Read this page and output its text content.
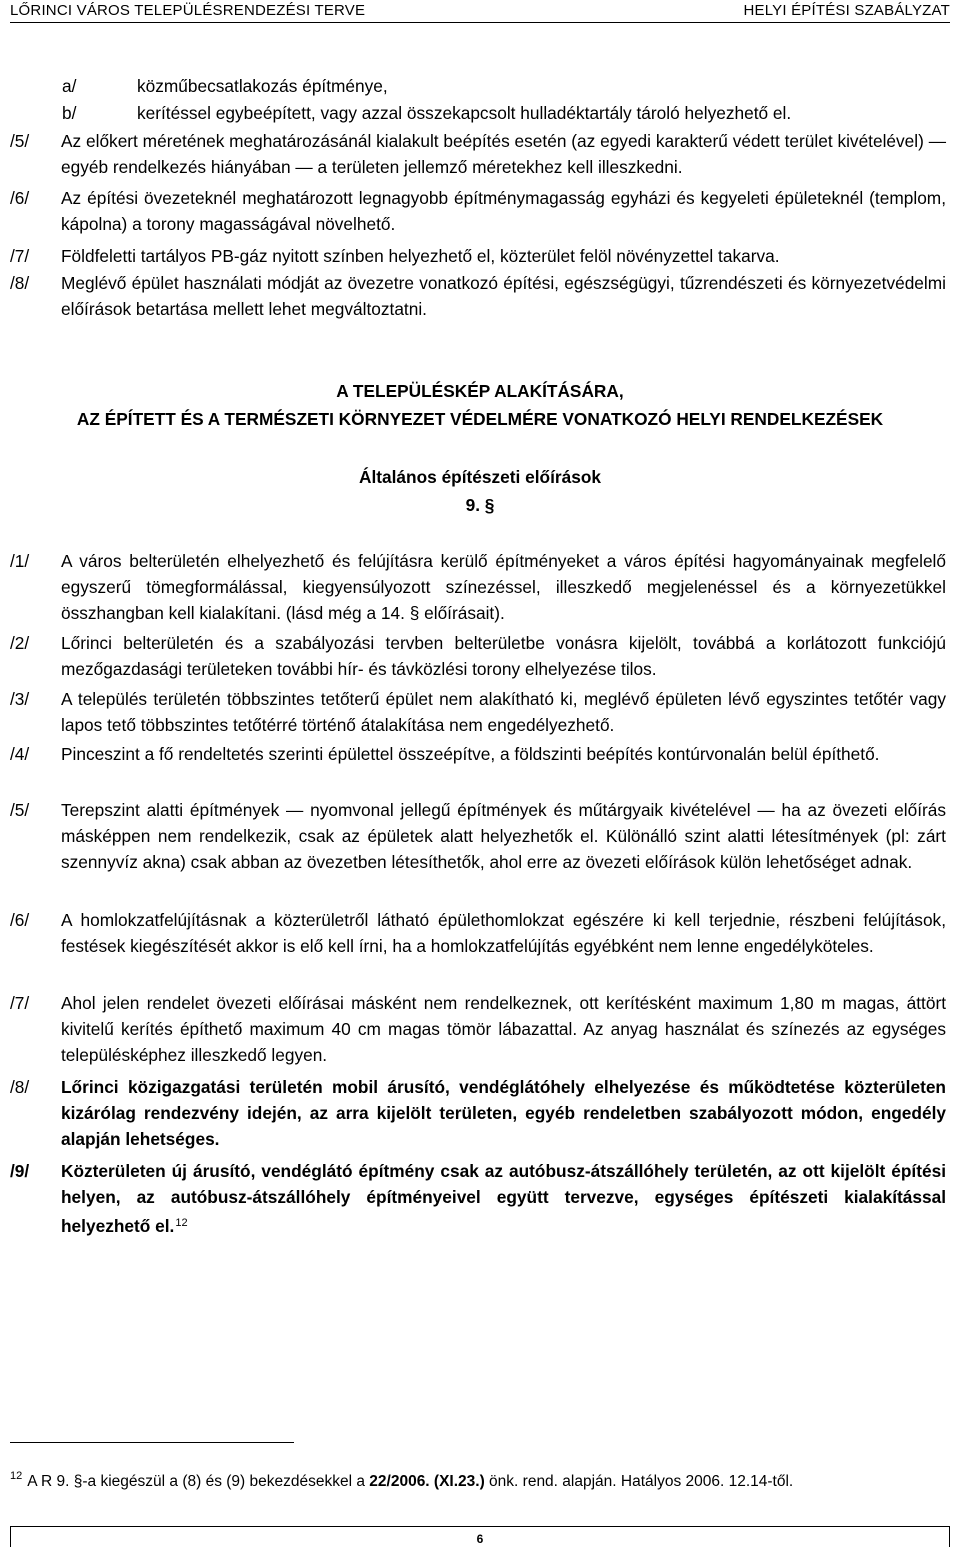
LŐRINCI VÁROS TELEPÜLÉSRENDEZÉSI TERVE	HELYI ÉPÍTÉSI SZABÁLYZAT
a/	közműbecsatlakozás építménye,
b/	kerítéssel egybeépített, vagy azzal összekapcsolt hulladéktartály tároló helyezhető el.
/5/ Az előkert méretének meghatározásánál kialakult beépítés esetén (az egyedi karakterű védett terület kivételével) — egyéb rendelkezés hiányában — a területen jellemző méretekhez kell illeszkedni.
/6/ Az építési övezeteknél meghatározott legnagyobb építménymagasság egyházi és kegyeleti épületeknél (templom, kápolna) a torony magasságával növelhető.
/7/ Földfeletti tartályos PB-gáz nyitott színben helyezhető el, közterület felöl növényzettel takarva.
/8/ Meglévő épület használati módját az övezetre vonatkozó építési, egészségügyi, tűzrendészeti és környezetvédelmi előírások betartása mellett lehet megváltoztatni.
A TELEPÜLÉSKÉP ALAKÍTÁSÁRA,
AZ ÉPÍTETT ÉS A TERMÉSZETI KÖRNYEZET VÉDELMÉRE VONATKOZÓ HELYI RENDELKEZÉSEK
Általános építészeti előírások
9. §
/1/ A város belterületén elhelyezhető és felújításra kerülő építményeket a város építési hagyományainak megfelelő egyszerű tömegformálással, kiegyensúlyozott színezéssel, illeszkedő megjelenéssel és a környezetükkel összhangban kell kialakítani. (lásd még a 14. § előírásait).
/2/ Lőrinci belterületén és a szabályozási tervben belterületbe vonásra kijelölt, továbbá a korlátozott funkciójú mezőgazdasági területeken további hír- és távközlési torony elhelyezése tilos.
/3/ A település területén többszintes tetőterű épület nem alakítható ki, meglévő épületen lévő egyszintes tetőtér vagy lapos tető többszintes tetőtérré történő átalakítása nem engedélyezhető.
/4/ Pinceszint a fő rendeltetés szerinti épülettel összeépítve, a földszinti beépítés kontúrvonalán belül építhető.
/5/ Terepszint alatti építmények — nyomvonal jellegű építmények és műtárgyaik kivételével — ha az övezeti előírás másképpen nem rendelkezik, csak az épületek alatt helyezhetők el. Különálló szint alatti létesítmények (pl: zárt szennyvíz akna) csak abban az övezetben létesíthetők, ahol erre az övezeti előírások külön lehetőséget adnak.
/6/ A homlokzatfelújításnak a közterületről látható épülethomlokzat egészére ki kell terjednie, részbeni felújítások, festések kiegészítését akkor is elő kell írni, ha a homlokzatfelújítás egyébként nem lenne engedélyköteles.
/7/ Ahol jelen rendelet övezeti előírásai másként nem rendelkeznek, ott kerítésként maximum 1,80 m magas, áttört kivitelű kerítés építhető maximum 40 cm magas tömör lábazattal. Az anyag használat és színezés az egységes településképhez illeszkedő legyen.
/8/ Lőrinci közigazgatási területén mobil árusító, vendéglátóhely elhelyezése és működtetése közterületen kizárólag rendezvény idején, az arra kijelölt területen, egyéb rendeletben szabályozott módon, engedély alapján lehetséges.
/9/ Közterületen új árusító, vendéglátó építmény csak az autóbusz-átszállóhely területén, az ott kijelölt építési helyen, az autóbusz-átszállóhely építményeivel együtt tervezve, egységes építészeti kialakítással helyezhető el.$^{12}$
$^{12}$ A R 9. §-a kiegészül a (8) és (9) bekezdésekkel a 22/2006. (XI.23.) önk. rend. alapján. Hatályos 2006. 12.14-től.
6
